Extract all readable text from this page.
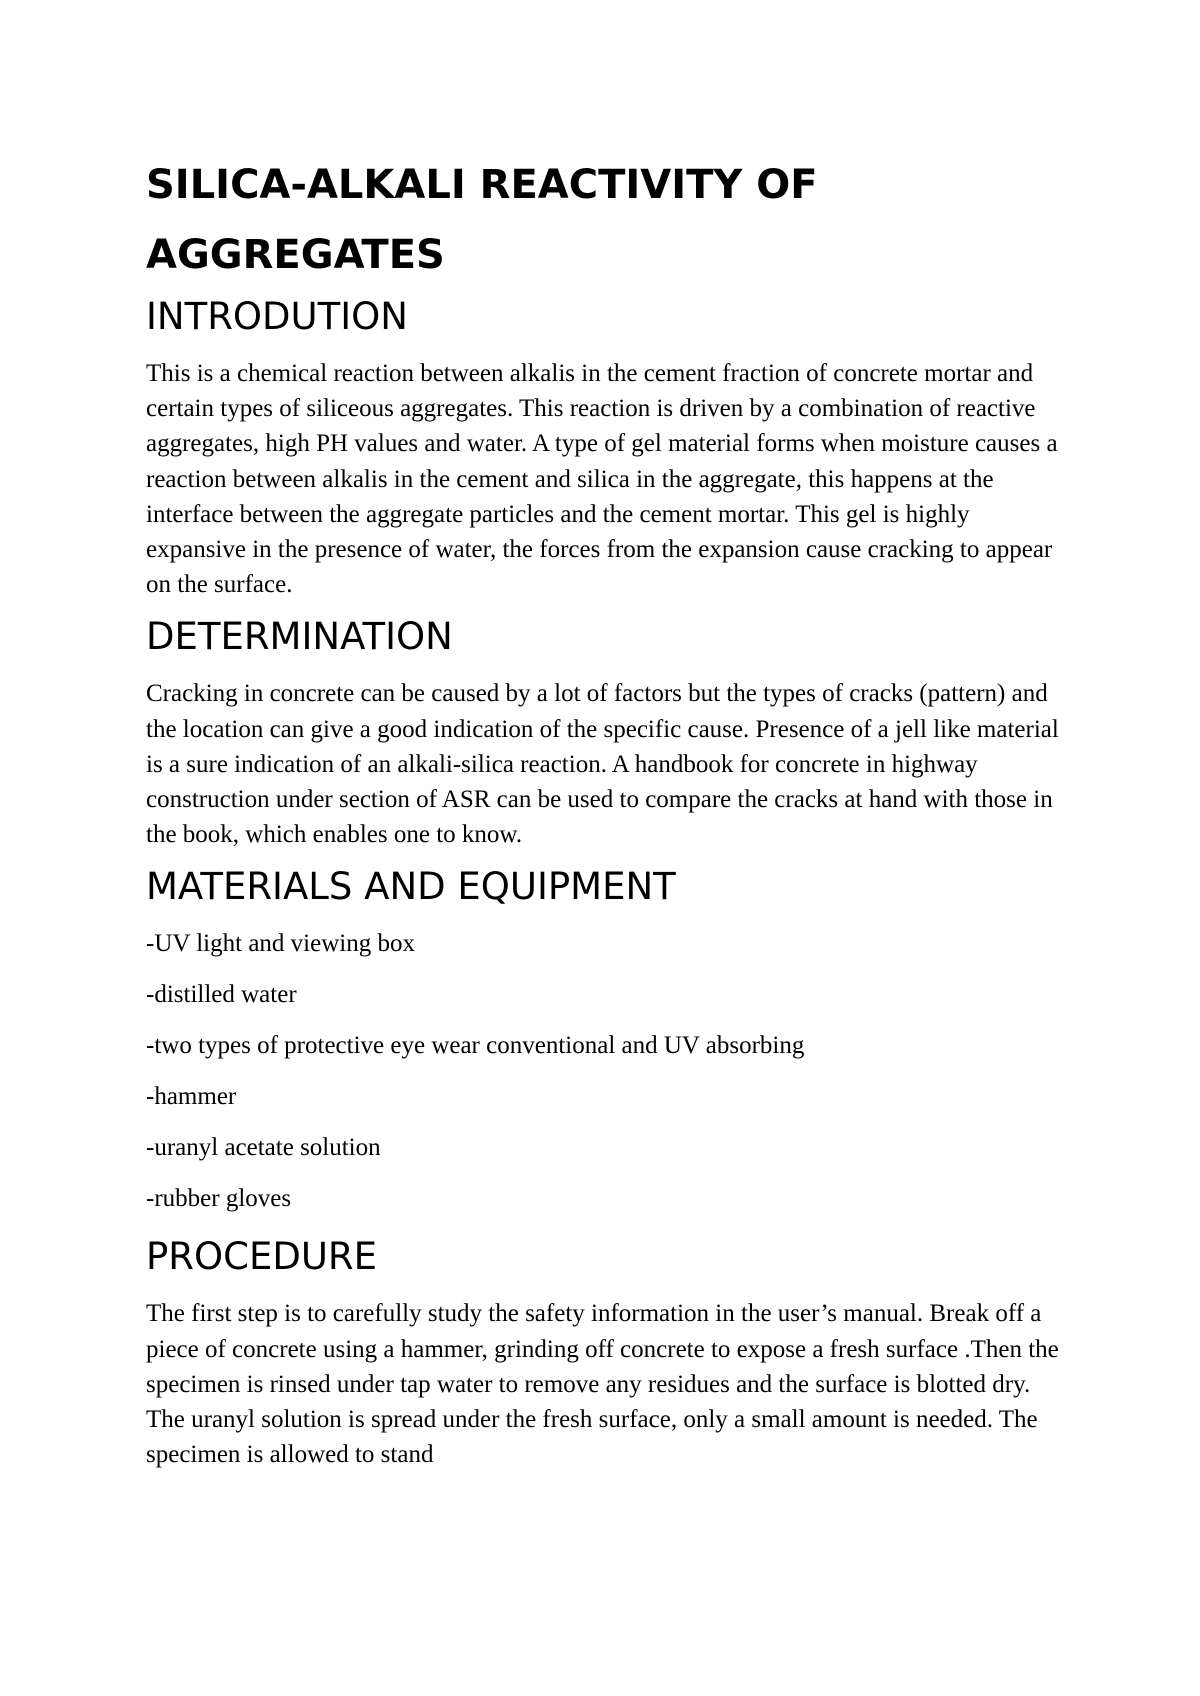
SILICA-ALKALI REACTIVITY OF AGGREGATES
INTRODUTION

This is a chemical reaction between alkalis in the cement fraction of concrete mortar and certain types of siliceous aggregates. This reaction is driven by a combination of reactive aggregates, high PH values and water. A type of gel material forms when moisture causes a reaction between alkalis in the cement and silica in the aggregate, this happens at the interface between the aggregate particles and the cement mortar. This gel is highly expansive in the presence of water, the forces from the expansion cause cracking to appear on the surface.

DETERMINATION

Cracking in concrete can be caused by a lot of factors but the types of cracks (pattern) and the location can give a good indication of the specific cause. Presence of a jell like material is a sure indication of an alkali-silica reaction. A handbook for concrete in highway construction under section of ASR can be used to compare the cracks at hand with those in the book, which enables one to know.

MATERIALS AND EQUIPMENT
-UV light and viewing box
-distilled water
-two types of protective eye wear conventional and UV absorbing
-hammer
-uranyl acetate solution
-rubber gloves
PROCEDURE

The first step is to carefully study the safety information in the user’s manual. Break off a piece of concrete using a hammer, grinding off concrete to expose a fresh surface .Then the specimen is rinsed under tap water to remove any residues and the surface is blotted dry. The uranyl solution is spread under the fresh surface, only a small amount is needed. The specimen is allowed to stand
